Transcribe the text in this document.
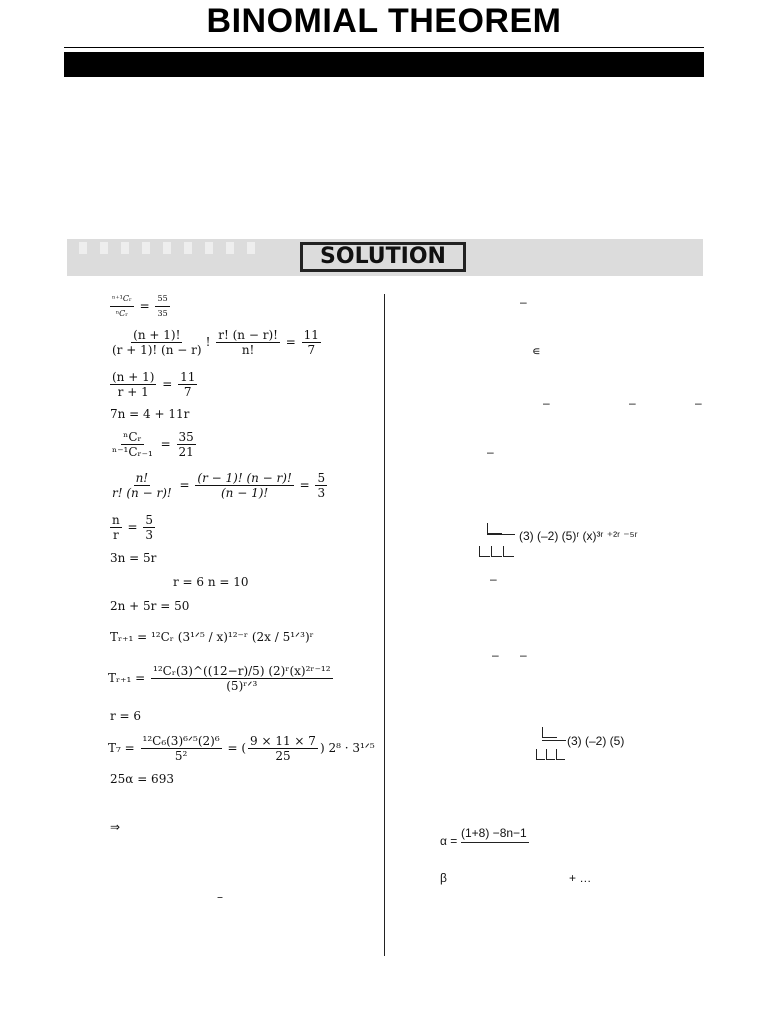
BINOMIAL THEOREM
SOLUTION
$\frac{\text{ⁿ⁺¹𝐶ᵣ}}{\text{ⁿ𝐶ᵣ}} = \frac{55}{35}$
$\frac{(n + 1)!}{(r + 1)! (n - r)}$ ! $\frac{r! (n - r)!}{n!} = \frac{11}{7}$
$\frac{(n + 1)}{r + 1} = \frac{11}{7}$
7n = 4 + 11r
$\frac{\text{ⁿCᵣ}}{\text{ⁿ⁻¹Cᵣ₋₁}} = \frac{35}{21}$
$\frac{n!}{r! (n - r)!} = \frac{(r - 1)! (n - r)!}{(n - 1)!} = \frac{5}{3}$
$\frac{n}{r} = \frac{5}{3}$
3n = 5r
r = 6 n = 10
2n + 5r = 50
Tᵣ₊₁ = ¹²Cᵣ (3¹ᐟ⁵ / x)¹²⁻ʳ (2x / 5¹ᐟ³)ʳ
Tᵣ₊₁ = $\frac{\text{¹²Cᵣ(3)\textasciicircum{}((12−r)/5) (2)ʳ(x)²ʳ⁻¹²}}{\text{(5)ʳᐟ³}}$
r = 6
$T_7 = \frac{\text{¹²C₆(3)⁶ᐟ⁵(2)⁶}}{\text{5²}}$ = ( $\frac{9 \times 11 \times 7}{25}$ ) 2⁸ · 3¹ᐟ⁵
25α = 693
⇒
–
–
∊
–	–	–
–
(3) (–2) (5)ʳ (x)³ʳ ⁺²ʳ ⁻⁵ʳ
–
– –
(3) (–2) (5)
α =
(1+8) −8n−1
β	+ …
